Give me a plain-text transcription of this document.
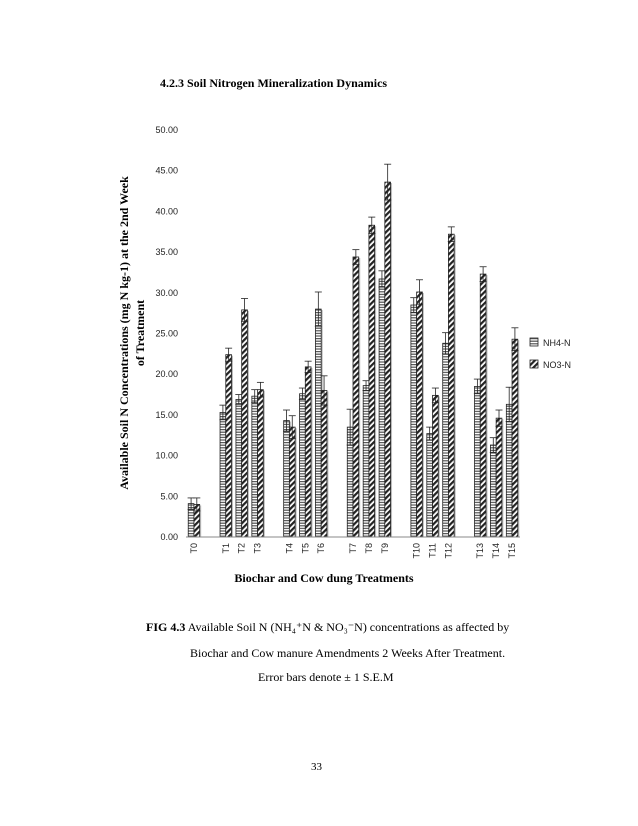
4.2.3 Soil Nitrogen Mineralization Dynamics
0.00
5.00
10.00
15.00
20.00
25.00
30.00
35.00
40.00
45.00
50.00
T0 T1 T2 T3 T4 T5 T6 T7 T8 T9 T10 T11 T12 T13 T14 T15
Biochar and Cow dung Treatments
Available Soil N Concentrations (mg N kg-1) at the 2nd Week of Treatment	NH4-N
NO3-N
FIG 4.3 Available Soil N (NH₄⁺N & NO₃⁻N) concentrations as affected by
Biochar and Cow manure Amendments 2 Weeks After Treatment.
Error bars denote ± 1 S.E.M
33
